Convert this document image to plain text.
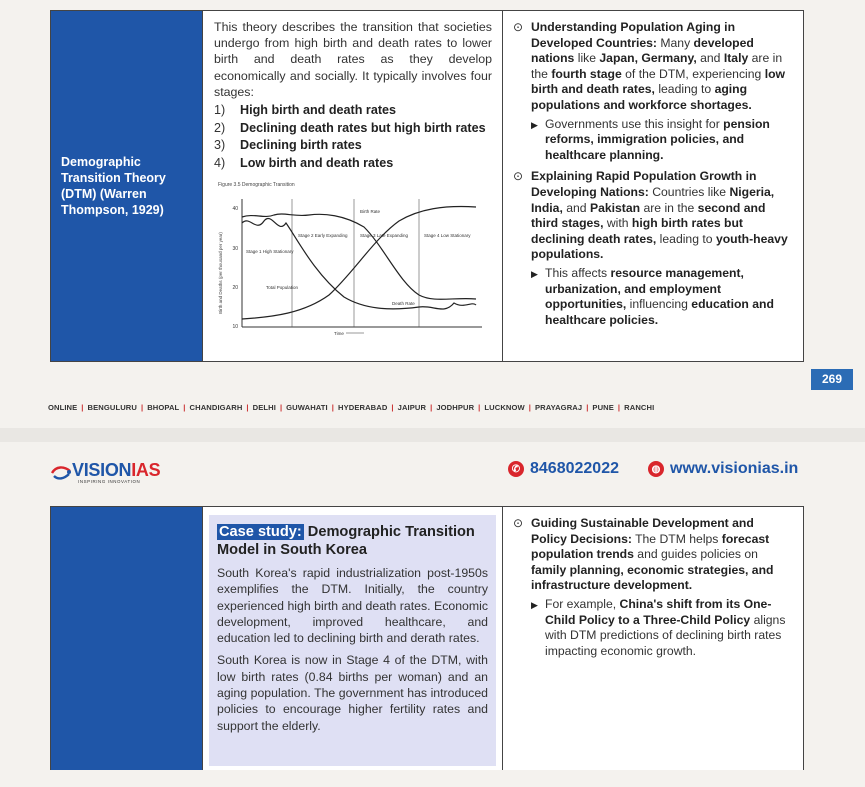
Demographic Transition Theory (DTM) (Warren Thompson, 1929)
This theory describes the transition that societies undergo from high birth and death rates to lower birth and death rates as they develop economically and socially. It typically involves four stages:
1)	High birth and death rates
2)	Declining death rates but high birth rates
3)	Declining birth rates
4)	Low birth and death rates
Figure 3.5 Demographic Transition
Birth and Deaths (per thousand per year)
40
30
20
10
Birth Rate
Death Rate
Total Population
Stage 1 High Stationary
Stage 2 Early Expanding	Stage 3 Late Expanding	Stage 4 Low Stationary
Time
⊙ Understanding Population Aging in Developed Countries: Many developed nations like Japan, Germany, and Italy are in the fourth stage of the DTM, experiencing low birth and death rates, leading to aging populations and workforce shortages.
▶ Governments use this insight for pension reforms, immigration policies, and healthcare planning.
⊙ Explaining Rapid Population Growth in Developing Nations: Countries like Nigeria, India, and Pakistan are in the second and third stages, with high birth rates but declining death rates, leading to youth-heavy populations.
▶ This affects resource management, urbanization, and employment opportunities, influencing education and healthcare policies.
269
ONLINE | BENGULURU | BHOPAL | CHANDIGARH | DELHI | GUWAHATI | HYDERABAD | JAIPUR | JODHPUR | LUCKNOW | PRAYAGRAJ | PUNE | RANCHI
VISIONIAS
INSPIRING INNOVATION
✆ 8468022022	◍ www.visionias.in
Case study: Demographic Transition Model in South Korea

South Korea's rapid industrialization post-1950s exemplifies the DTM. Initially, the country experienced high birth and death rates. Economic development, improved healthcare, and education led to declining birth and derath rates.

South Korea is now in Stage 4 of the DTM, with low birth rates (0.84 births per woman) and an aging population. The government has introduced policies to encourage higher fertility rates and support the elderly.

⊙ Guiding Sustainable Development and Policy Decisions: The DTM helps forecast population trends and guides policies on family planning, economic strategies, and infrastructure development.
▶ For example, China's shift from its One-Child Policy to a Three-Child Policy aligns with DTM predictions of declining birth rates impacting economic growth.
